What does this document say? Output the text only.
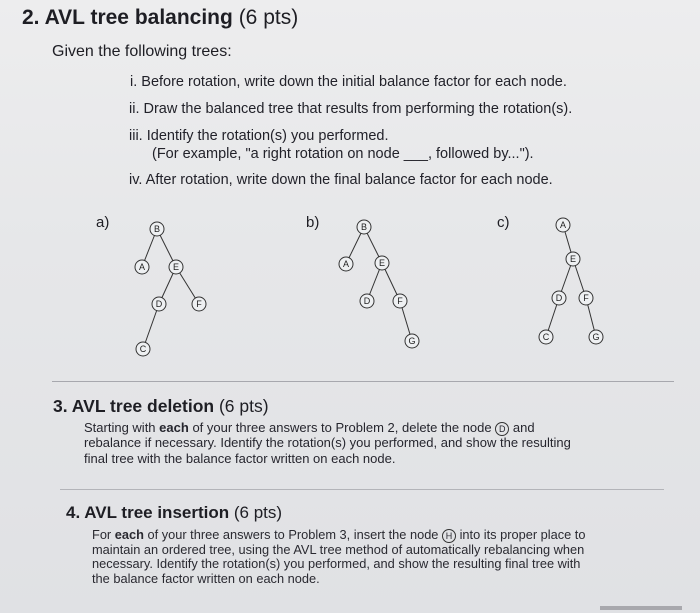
2. AVL tree balancing (6 pts)
Given the following trees:
i. Before rotation, write down the initial balance factor for each node.
ii. Draw the balanced tree that results from performing the rotation(s).
iii. Identify the rotation(s) you performed.
(For example, "a right rotation on node ___, followed by...").
iv. After rotation, write down the final balance factor for each node.
a)	b)	c)
B
A	E
D	F
C
B
A	E
D	F
G
A
E
D F
C	G
3. AVL tree deletion (6 pts)
Starting with each of your three answers to Problem 2, delete the node D and
rebalance if necessary. Identify the rotation(s) you performed, and show the resulting
final tree with the balance factor written on each node.
4. AVL tree insertion (6 pts)
For each of your three answers to Problem 3, insert the node H into its proper place to
maintain an ordered tree, using the AVL tree method of automatically rebalancing when
necessary. Identify the rotation(s) you performed, and show the resulting final tree with
the balance factor written on each node.
